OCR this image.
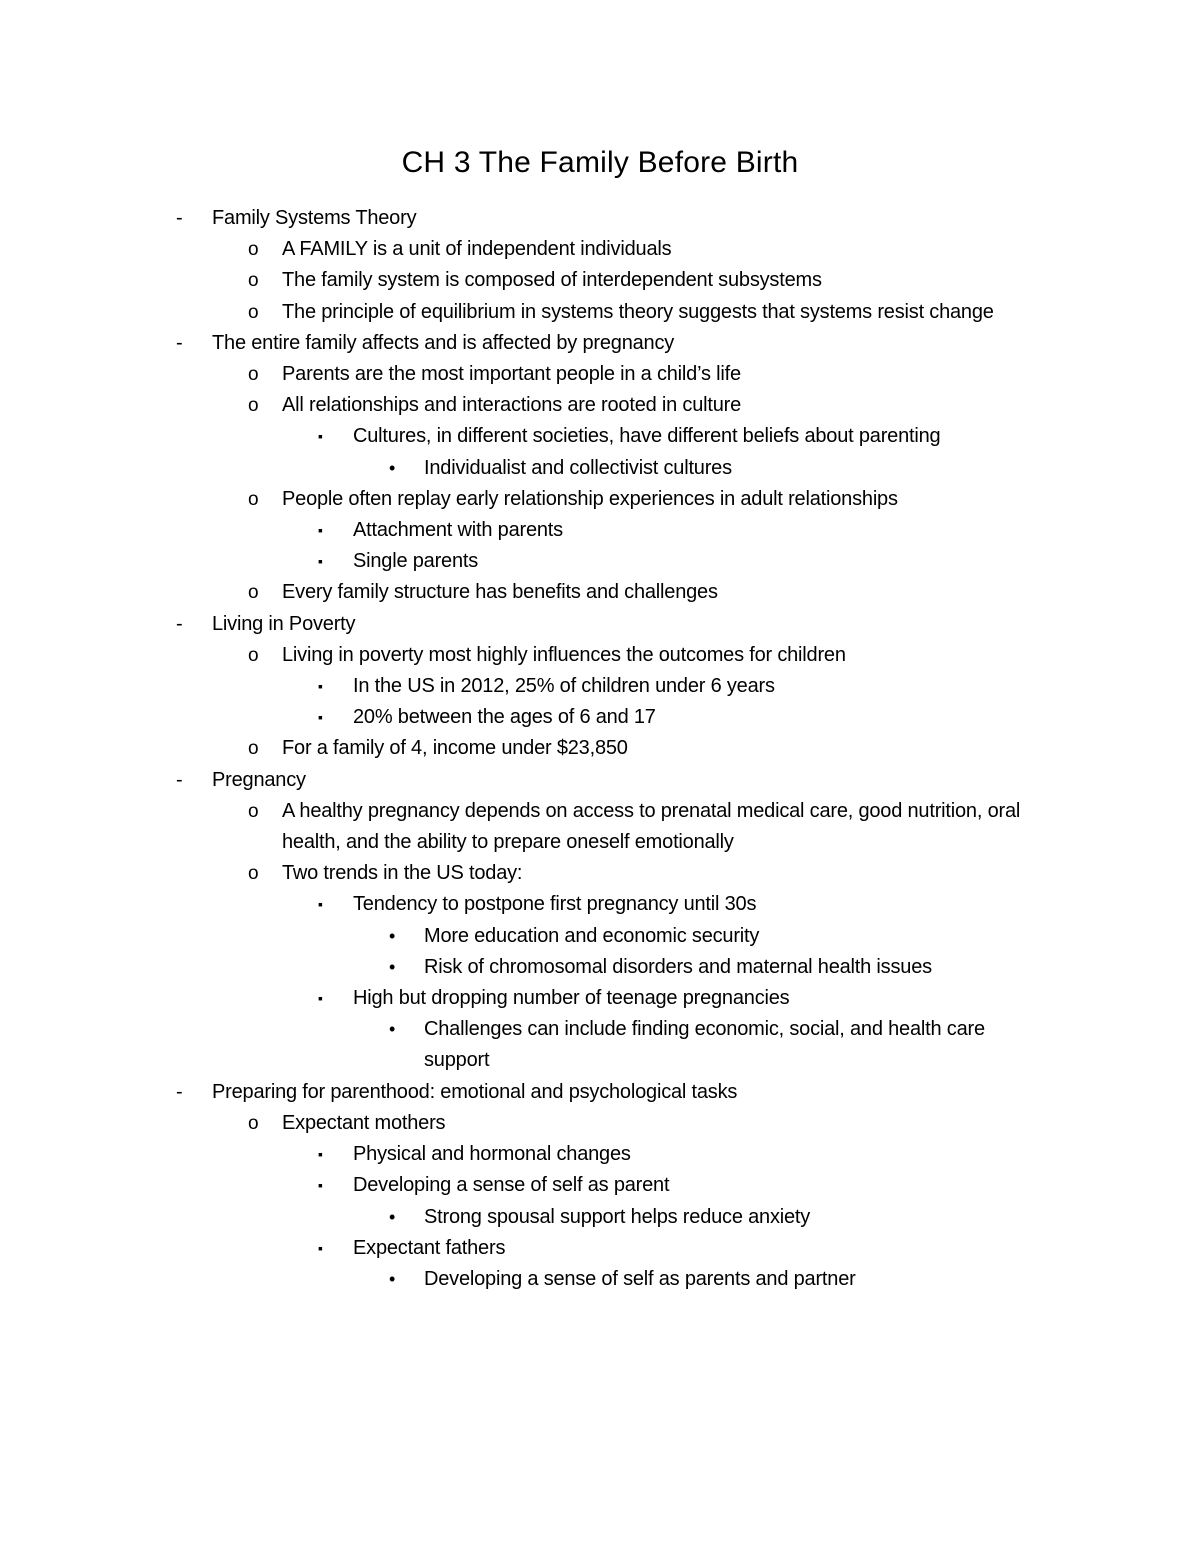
CH 3 The Family Before Birth
- Family Systems Theory
o A FAMILY is a unit of independent individuals
o The family system is composed of interdependent subsystems
o The principle of equilibrium in systems theory suggests that systems resist change
- The entire family affects and is affected by pregnancy
o Parents are the most important people in a child’s life
o All relationships and interactions are rooted in culture
▪ Cultures, in different societies, have different beliefs about parenting
• Individualist and collectivist cultures
o People often replay early relationship experiences in adult relationships
▪ Attachment with parents
▪ Single parents
o Every family structure has benefits and challenges
- Living in Poverty
o Living in poverty most highly influences the outcomes for children
▪ In the US in 2012, 25% of children under 6 years
▪ 20% between the ages of 6 and 17
o For a family of 4, income under $23,850
- Pregnancy
o A healthy pregnancy depends on access to prenatal medical care, good nutrition, oral health, and the ability to prepare oneself emotionally
o Two trends in the US today:
▪ Tendency to postpone first pregnancy until 30s
• More education and economic security
• Risk of chromosomal disorders and maternal health issues
▪ High but dropping number of teenage pregnancies
• Challenges can include finding economic, social, and health care support
- Preparing for parenthood: emotional and psychological tasks
o Expectant mothers
▪ Physical and hormonal changes
▪ Developing a sense of self as parent
• Strong spousal support helps reduce anxiety
▪ Expectant fathers
• Developing a sense of self as parents and partner
